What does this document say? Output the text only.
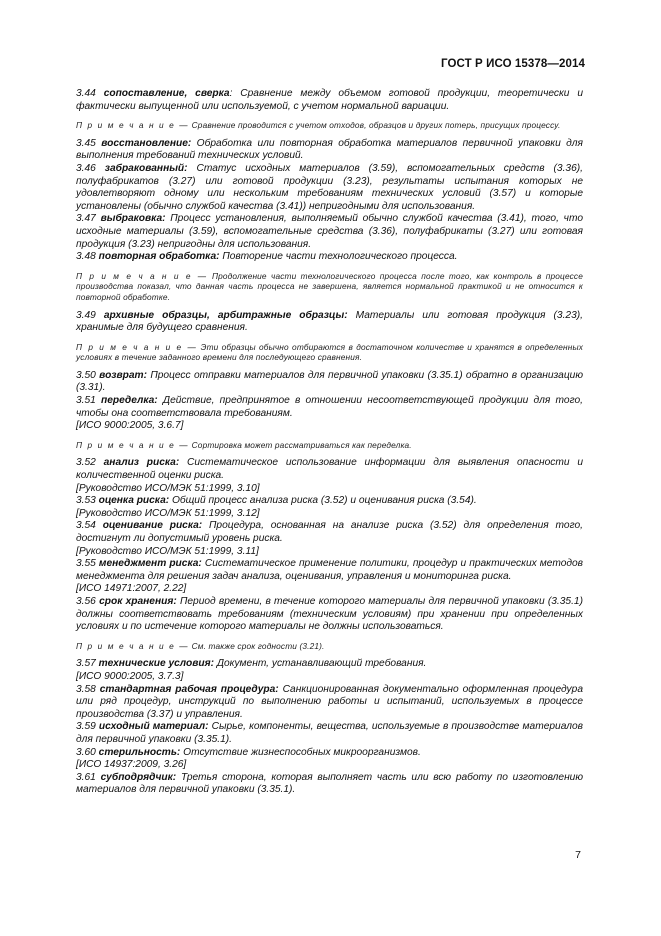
ГОСТ Р ИСО 15378—2014
3.44 сопоставление, сверка: Сравнение между объемом готовой продукции, теоретически и фактически выпущенной или используемой, с учетом нормальной вариации.
П р и м е ч а н и е — Сравнение проводится с учетом отходов, образцов и других потерь, присущих процессу.
3.45 восстановление: Обработка или повторная обработка материалов первичной упаковки для выполнения требований технических условий.
3.46 забракованный: Статус исходных материалов (3.59), вспомогательных средств (3.36), полуфабрикатов (3.27) или готовой продукции (3.23), результаты испытания которых не удовлетворяют одному или нескольким требованиям технических условий (3.57) и которые установлены (обычно службой качества (3.41)) непригодными для использования.
3.47 выбраковка: Процесс установления, выполняемый обычно службой качества (3.41), того, что исходные материалы (3.59), вспомогательные средства (3.36), полуфабрикаты (3.27) или готовая продукция (3.23) непригодны для использования.
3.48 повторная обработка: Повторение части технологического процесса.
П р и м е ч а н и е — Продолжение части технологического процесса после того, как контроль в процессе производства показал, что данная часть процесса не завершена, является нормальной практикой и не относится к повторной обработке.
3.49 архивные образцы, арбитражные образцы: Материалы или готовая продукция (3.23), хранимые для будущего сравнения.
П р и м е ч а н и е — Эти образцы обычно отбираются в достаточном количестве и хранятся в определенных условиях в течение заданного времени для последующего сравнения.
3.50 возврат: Процесс отправки материалов для первичной упаковки (3.35.1) обратно в организацию (3.31).
3.51 переделка: Действие, предпринятое в отношении несоответствующей продукции для того, чтобы она соответствовала требованиям.
[ИСО 9000:2005, 3.6.7]
П р и м е ч а н и е — Сортировка может рассматриваться как переделка.
3.52 анализ риска: Систематическое использование информации для выявления опасности и количественной оценки риска.
[Руководство ИСО/МЭК 51:1999, 3.10]
3.53 оценка риска: Общий процесс анализа риска (3.52) и оценивания риска (3.54).
[Руководство ИСО/МЭК 51:1999, 3.12]
3.54 оценивание риска: Процедура, основанная на анализе риска (3.52) для определения того, достигнут ли допустимый уровень риска.
[Руководство ИСО/МЭК 51:1999, 3.11]
3.55 менеджмент риска: Систематическое применение политики, процедур и практических методов менеджмента для решения задач анализа, оценивания, управления и мониторинга риска.
[ИСО 14971:2007, 2.22]
3.56 срок хранения: Период времени, в течение которого материалы для первичной упаковки (3.35.1) должны соответствовать требованиям (техническим условиям) при хранении при определенных условиях и по истечение которого материалы не должны использоваться.
П р и м е ч а н и е — См. также срок годности (3.21).
3.57 технические условия: Документ, устанавливающий требования.
[ИСО 9000:2005, 3.7.3]
3.58 стандартная рабочая процедура: Санкционированная документально оформленная процедура или ряд процедур, инструкций по выполнению работы и испытаний, используемых в процессе производства (3.37) и управления.
3.59 исходный материал: Сырье, компоненты, вещества, используемые в производстве материалов для первичной упаковки (3.35.1).
3.60 стерильность: Отсутствие жизнеспособных микроорганизмов.
[ИСО 14937:2009, 3.26]
3.61 субподрядчик: Третья сторона, которая выполняет часть или всю работу по изготовлению материалов для первичной упаковки (3.35.1).
7
